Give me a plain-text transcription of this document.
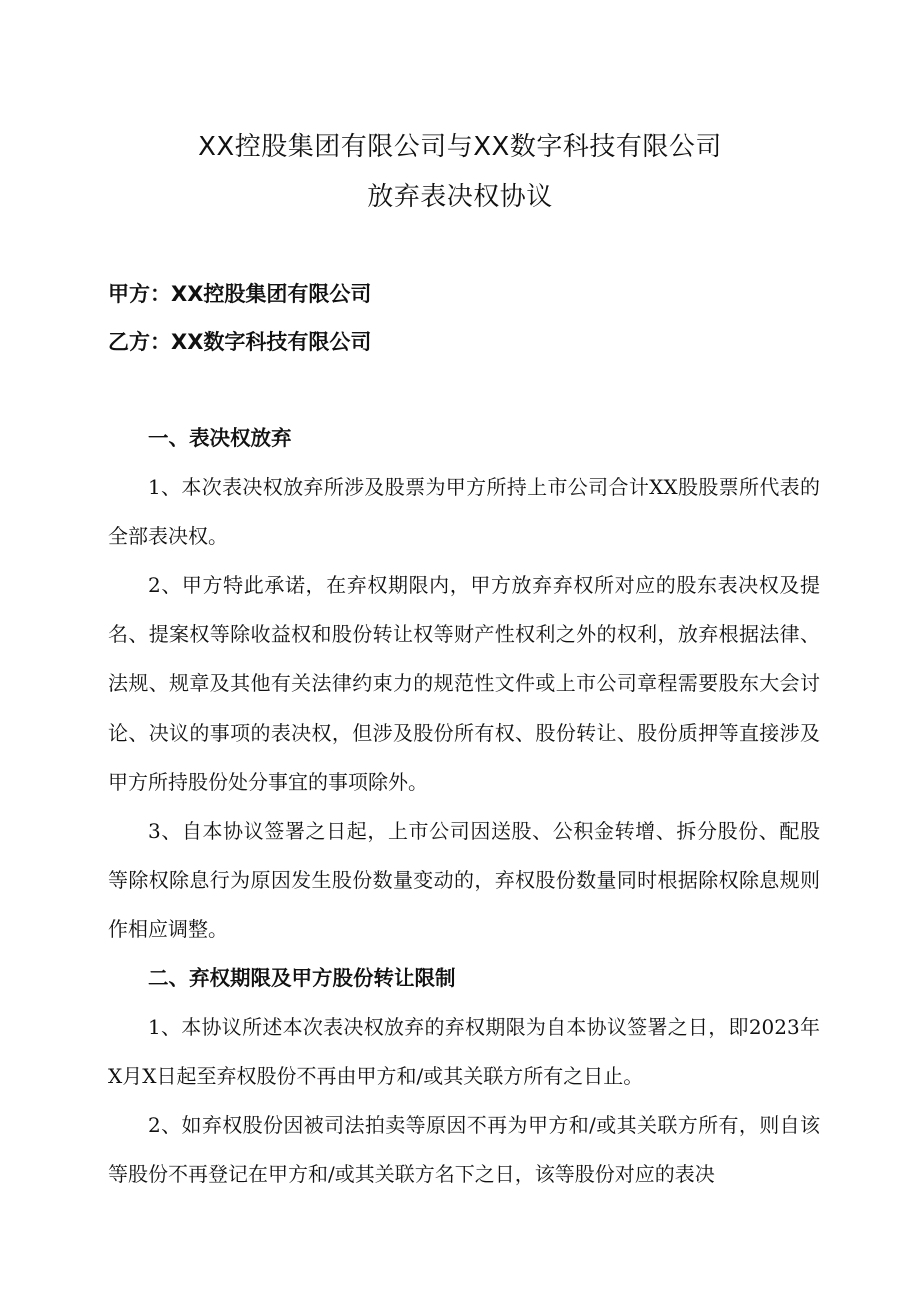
XX控股集团有限公司与XX数字科技有限公司
放弃表决权协议
甲方：XX控股集团有限公司
乙方：XX数字科技有限公司

一、表决权放弃

1、本次表决权放弃所涉及股票为甲方所持上市公司合计XX股股票所代表的全部表决权。

2、甲方特此承诺，在弃权期限内，甲方放弃弃权所对应的股东表决权及提名、提案权等除收益权和股份转让权等财产性权利之外的权利，放弃根据法律、法规、规章及其他有关法律约束力的规范性文件或上市公司章程需要股东大会讨论、决议的事项的表决权，但涉及股份所有权、股份转让、股份质押等直接涉及甲方所持股份处分事宜的事项除外。

3、自本协议签署之日起，上市公司因送股、公积金转增、拆分股份、配股等除权除息行为原因发生股份数量变动的，弃权股份数量同时根据除权除息规则作相应调整。

二、弃权期限及甲方股份转让限制

1、本协议所述本次表决权放弃的弃权期限为自本协议签署之日，即2023年X月X日起至弃权股份不再由甲方和/或其关联方所有之日止。

2、如弃权股份因被司法拍卖等原因不再为甲方和/或其关联方所有，则自该等股份不再登记在甲方和/或其关联方名下之日，该等股份对应的表决
